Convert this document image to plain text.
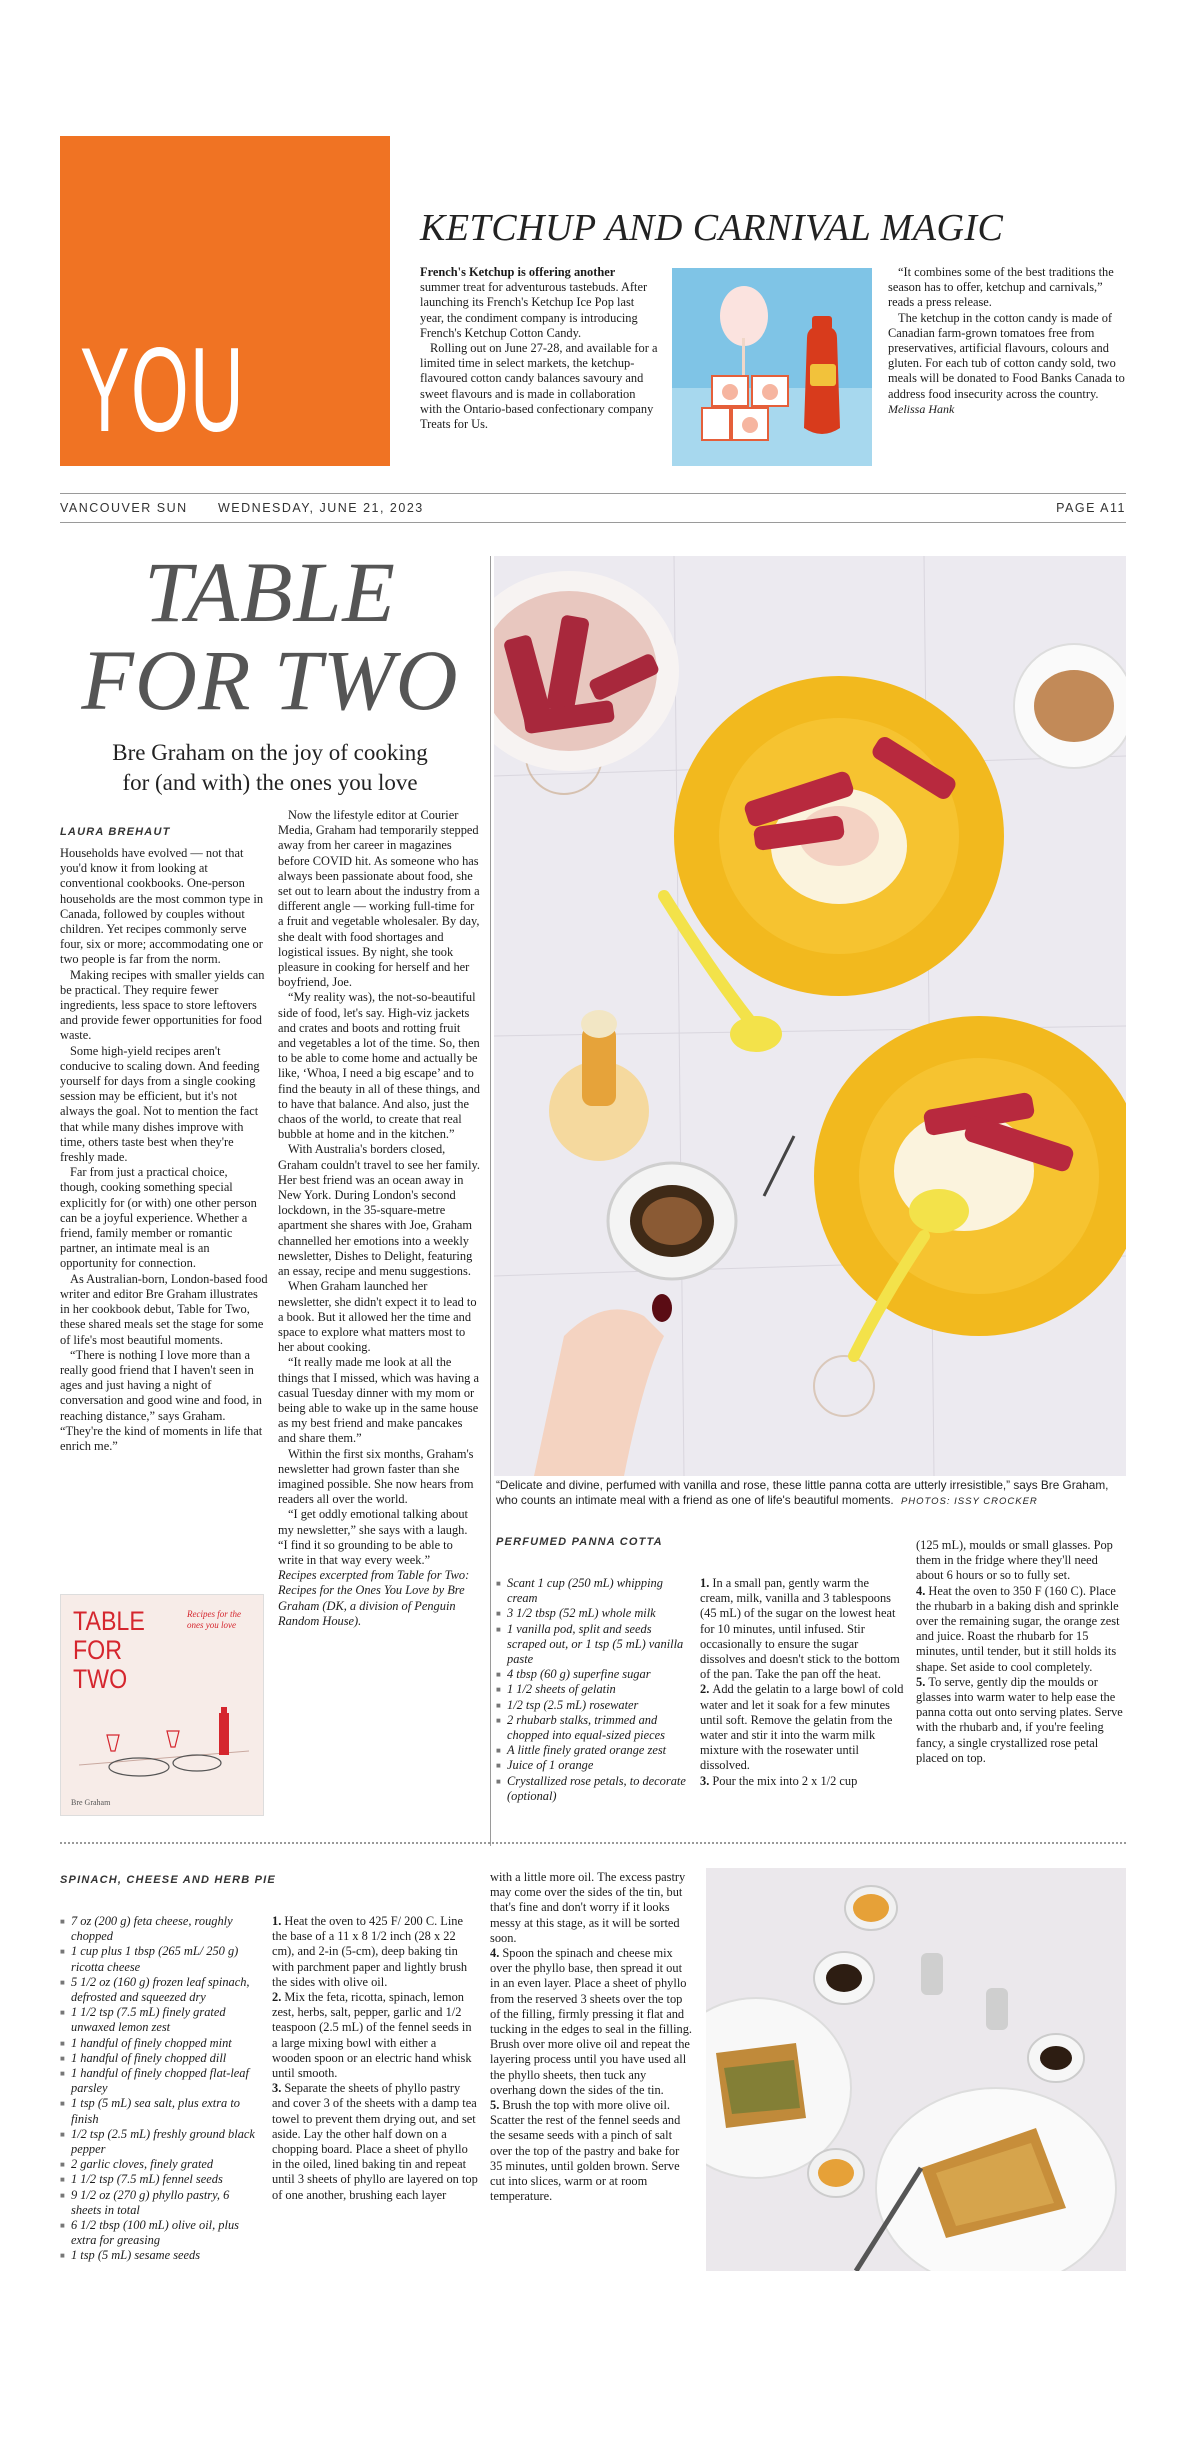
YOU
KETCHUP AND CARNIVAL MAGIC

French's Ketchup is offering another summer treat for adventurous tastebuds. After launching its French's Ketchup Ice Pop last year, the condiment company is introducing French's Ketchup Cotton Candy.

Rolling out on June 27-28, and available for a limited time in select markets, the ketchup-flavoured cotton candy balances savoury and sweet flavours and is made in collaboration with the Ontario-based confectionary company Treats for Us.

“It combines some of the best traditions the season has to offer, ketchup and carnivals,” reads a press release.

The ketchup in the cotton candy is made of Canadian farm-grown tomatoes free from preservatives, artificial flavours, colours and gluten. For each tub of cotton candy sold, two meals will be donated to Food Banks Canada to address food insecurity across the country.

Melissa Hank

VANCOUVER SUN WEDNESDAY, JUNE 21, 2023	PAGE A11
TABLE
FOR TWO
Bre Graham on the joy of cooking
for (and with) the ones you love
LAURA BREHAUT

Households have evolved — not that you'd know it from looking at conventional cookbooks. One-person households are the most common type in Canada, followed by couples without children. Yet recipes commonly serve four, six or more; accommodating one or two people is far from the norm.

Making recipes with smaller yields can be practical. They require fewer ingredients, less space to store leftovers and provide fewer opportunities for food waste.

Some high-yield recipes aren't conducive to scaling down. And feeding yourself for days from a single cooking session may be efficient, but it's not always the goal. Not to mention the fact that while many dishes improve with time, others taste best when they're freshly made.

Far from just a practical choice, though, cooking something special explicitly for (or with) one other person can be a joyful experience. Whether a friend, family member or romantic partner, an intimate meal is an opportunity for connection.

As Australian-born, London-based food writer and editor Bre Graham illustrates in her cookbook debut, Table for Two, these shared meals set the stage for some of life's most beautiful moments.

“There is nothing I love more than a really good friend that I haven't seen in ages and just having a night of conversation and good wine and food, in reaching distance,” says Graham. “They're the kind of moments in life that enrich me.”

Now the lifestyle editor at Courier Media, Graham had temporarily stepped away from her career in magazines before COVID hit. As someone who has always been passionate about food, she set out to learn about the industry from a different angle — working full-time for a fruit and vegetable wholesaler. By day, she dealt with food shortages and logistical issues. By night, she took pleasure in cooking for herself and her boyfriend, Joe.

“My reality was), the not-so-beautiful side of food, let's say. High-viz jackets and crates and boots and rotting fruit and vegetables a lot of the time. So, then to be able to come home and actually be like, ‘Whoa, I need a big escape’ and to find the beauty in all of these things, and to have that balance. And also, just the chaos of the world, to create that real bubble at home and in the kitchen.”

With Australia's borders closed, Graham couldn't travel to see her family. Her best friend was an ocean away in New York. During London's second lockdown, in the 35-square-metre apartment she shares with Joe, Graham channelled her emotions into a weekly newsletter, Dishes to Delight, featuring an essay, recipe and menu suggestions.

When Graham launched her newsletter, she didn't expect it to lead to a book. But it allowed her the time and space to explore what matters most to her about cooking.

“It really made me look at all the things that I missed, which was having a casual Tuesday dinner with my mom or being able to wake up in the same house as my best friend and make pancakes and share them.”

Within the first six months, Graham's newsletter had grown faster than she imagined possible. She now hears from readers all over the world.

“I get oddly emotional talking about my newsletter,” she says with a laugh. “I find it so grounding to be able to write in that way every week.”

Recipes excerpted from Table for Two: Recipes for the Ones You Love by Bre Graham (DK, a division of Penguin Random House).

TABLE
FOR
TWO
Recipes for the ones you love
Bre Graham
“Delicate and divine, perfumed with vanilla and rose, these little panna cotta are utterly irresistible,” says Bre Graham, who counts an intimate meal with a friend as one of life's beautiful moments. PHOTOS: ISSY CROCKER
PERFUMED PANNA COTTA
■ Scant 1 cup (250 mL) whipping cream
■ 3 1/2 tbsp (52 mL) whole milk
■ 1 vanilla pod, split and seeds scraped out, or 1 tsp (5 mL) vanilla paste
■ 4 tbsp (60 g) superfine sugar
■ 1 1/2 sheets of gelatin
■ 1/2 tsp (2.5 mL) rosewater
■ 2 rhubarb stalks, trimmed and chopped into equal-sized pieces
■ A little finely grated orange zest
■ Juice of 1 orange
■ Crystallized rose petals, to decorate (optional)

1. In a small pan, gently warm the cream, milk, vanilla and 3 tablespoons (45 mL) of the sugar on the lowest heat for 10 minutes, until infused. Stir occasionally to ensure the sugar dissolves and doesn't stick to the bottom of the pan. Take the pan off the heat.

2. Add the gelatin to a large bowl of cold water and let it soak for a few minutes until soft. Remove the gelatin from the water and stir it into the warm milk mixture with the rosewater until dissolved.

3. Pour the mix into 2 x 1/2 cup

(125 mL), moulds or small glasses. Pop them in the fridge where they'll need about 6 hours or so to fully set.

4. Heat the oven to 350 F (160 C). Place the rhubarb in a baking dish and sprinkle over the remaining sugar, the orange zest and juice. Roast the rhubarb for 15 minutes, until tender, but it still holds its shape. Set aside to cool completely.

5. To serve, gently dip the moulds or glasses into warm water to help ease the panna cotta out onto serving plates. Serve with the rhubarb and, if you're feeling fancy, a single crystallized rose petal placed on top.

SPINACH, CHEESE AND HERB PIE
■ 7 oz (200 g) feta cheese, roughly chopped
■ 1 cup plus 1 tbsp (265 mL/ 250 g) ricotta cheese
■ 5 1/2 oz (160 g) frozen leaf spinach, defrosted and squeezed dry
■ 1 1/2 tsp (7.5 mL) finely grated unwaxed lemon zest
■ 1 handful of finely chopped mint
■ 1 handful of finely chopped dill
■ 1 handful of finely chopped flat-leaf parsley
■ 1 tsp (5 mL) sea salt, plus extra to finish
■ 1/2 tsp (2.5 mL) freshly ground black pepper
■ 2 garlic cloves, finely grated
■ 1 1/2 tsp (7.5 mL) fennel seeds
■ 9 1/2 oz (270 g) phyllo pastry, 6 sheets in total
■ 6 1/2 tbsp (100 mL) olive oil, plus extra for greasing
■ 1 tsp (5 mL) sesame seeds

1. Heat the oven to 425 F/ 200 C. Line the base of a 11 x 8 1/2 inch (28 x 22 cm), and 2-in (5-cm), deep baking tin with parchment paper and lightly brush the sides with olive oil.

2. Mix the feta, ricotta, spinach, lemon zest, herbs, salt, pepper, garlic and 1/2 teaspoon (2.5 mL) of the fennel seeds in a large mixing bowl with either a wooden spoon or an electric hand whisk until smooth.

3. Separate the sheets of phyllo pastry and cover 3 of the sheets with a damp tea towel to prevent them drying out, and set aside. Lay the other half down on a chopping board. Place a sheet of phyllo in the oiled, lined baking tin and repeat until 3 sheets of phyllo are layered on top of one another, brushing each layer

with a little more oil. The excess pastry may come over the sides of the tin, but that's fine and don't worry if it looks messy at this stage, as it will be sorted soon.

4. Spoon the spinach and cheese mix over the phyllo base, then spread it out in an even layer. Place a sheet of phyllo from the reserved 3 sheets over the top of the filling, firmly pressing it flat and tucking in the edges to seal in the filling. Brush over more olive oil and repeat the layering process until you have used all the phyllo sheets, then tuck any overhang down the sides of the tin.

5. Brush the top with more olive oil. Scatter the rest of the fennel seeds and the sesame seeds with a pinch of salt over the top of the pastry and bake for 35 minutes, until golden brown. Serve cut into slices, warm or at room temperature.
